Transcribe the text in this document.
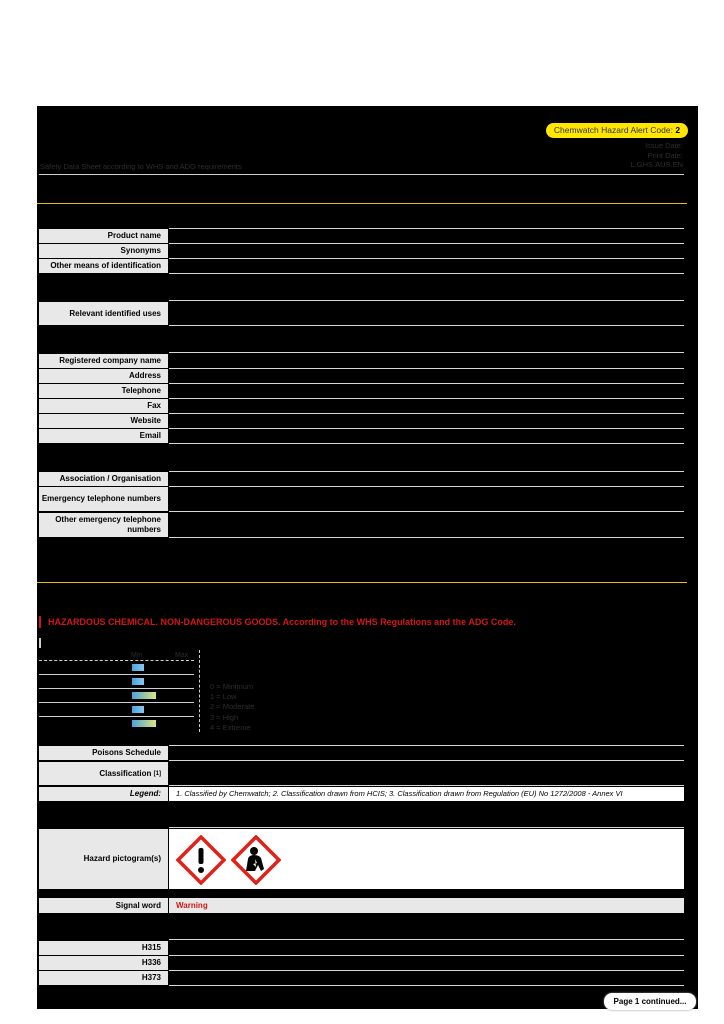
Chemwatch Hazard Alert Code: 2
Issue Date:
Print Date:
L.GHS.AUS.EN
Safety Data Sheet according to WHS and ADG requirements
Product name
Synonyms
Other means of identification
Relevant identified uses
Registered company name
Address
Telephone
Fax
Website
Email
Association / Organisation
Emergency telephone numbers
Other emergency telephone numbers
HAZARDOUS CHEMICAL. NON-DANGEROUS GOODS. According to the WHS Regulations and the ADG Code.
Min	Max
0 = Minimum
1 = Low
2 = Moderate
3 = High
4 = Extreme
Poisons Schedule
Classification
[1]
Legend:	1. Classified by Chemwatch; 2. Classification drawn from HCIS; 3. Classification drawn from Regulation (EU) No 1272/2008 - Annex VI
Hazard pictogram(s)
Signal word	Warning
H315
H336
H373
Page 1 continued...
